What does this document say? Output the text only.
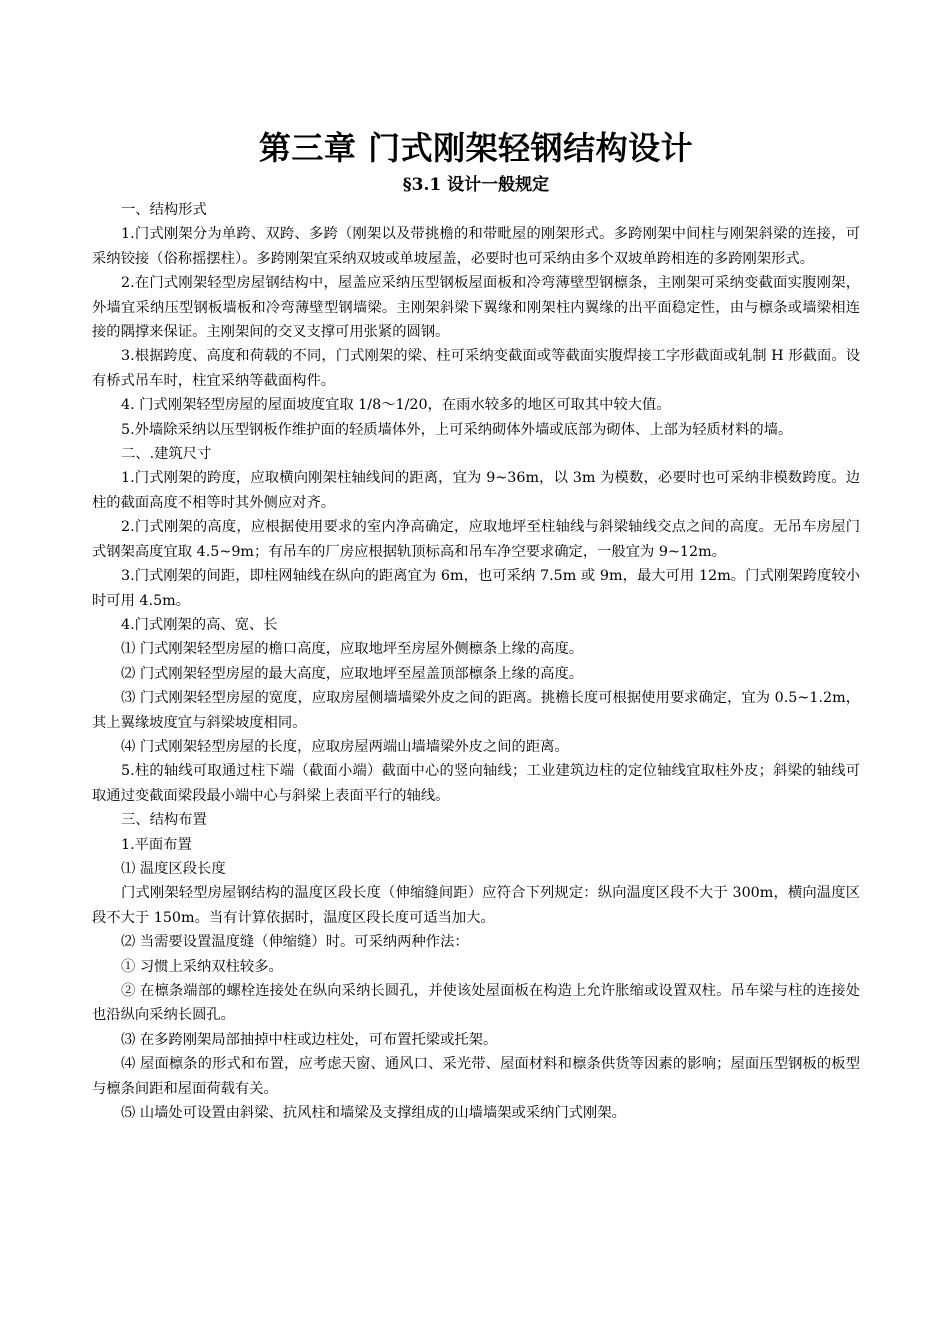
第三章 门式刚架轻钢结构设计
§3.1 设计一般规定

一、结构形式

1.门式刚架分为单跨、双跨、多跨（刚架以及带挑檐的和带毗屋的刚架形式。多跨刚架中间柱与刚架斜梁的连接，可采纳铰接（俗称摇摆柱）。多跨刚架宜采纳双坡或单坡屋盖，必要时也可采纳由多个双坡单跨相连的多跨刚架形式。

2.在门式刚架轻型房屋钢结构中，屋盖应采纳压型钢板屋面板和冷弯薄壁型钢檩条，主刚架可采纳变截面实腹刚架，外墙宜采纳压型钢板墙板和冷弯薄壁型钢墙梁。主刚架斜梁下翼缘和刚架柱内翼缘的出平面稳定性，由与檩条或墙梁相连接的隅撑来保证。主刚架间的交叉支撑可用张紧的圆钢。

3.根据跨度、高度和荷载的不同，门式刚架的梁、柱可采纳变截面或等截面实腹焊接工字形截面或轧制 H 形截面。设有桥式吊车时，柱宜采纳等截面构件。

4. 门式刚架轻型房屋的屋面坡度宜取 1/8～1/20，在雨水较多的地区可取其中较大值。

5.外墙除采纳以压型钢板作维护面的轻质墙体外，上可采纳砌体外墙或底部为砌体、上部为轻质材料的墙。

二、.建筑尺寸

1.门式刚架的跨度，应取横向刚架柱轴线间的距离，宜为 9~36m，以 3m 为模数，必要时也可采纳非模数跨度。边柱的截面高度不相等时其外侧应对齐。

2.门式刚架的高度，应根据使用要求的室内净高确定，应取地坪至柱轴线与斜梁轴线交点之间的高度。无吊车房屋门式钢架高度宜取 4.5~9m；有吊车的厂房应根据轨顶标高和吊车净空要求确定，一般宜为 9~12m。

3.门式刚架的间距，即柱网轴线在纵向的距离宜为 6m，也可采纳 7.5m 或 9m，最大可用 12m。门式刚架跨度较小时可用 4.5m。

4.门式刚架的高、宽、长

⑴ 门式刚架轻型房屋的檐口高度，应取地坪至房屋外侧檩条上缘的高度。

⑵ 门式刚架轻型房屋的最大高度，应取地坪至屋盖顶部檩条上缘的高度。

⑶ 门式刚架轻型房屋的宽度，应取房屋侧墙墙梁外皮之间的距离。挑檐长度可根据使用要求确定，宜为 0.5~1.2m，其上翼缘坡度宜与斜梁坡度相同。

⑷ 门式刚架轻型房屋的长度，应取房屋两端山墙墙梁外皮之间的距离。

5.柱的轴线可取通过柱下端（截面小端）截面中心的竖向轴线；工业建筑边柱的定位轴线宜取柱外皮；斜梁的轴线可取通过变截面梁段最小端中心与斜梁上表面平行的轴线。

三、结构布置

1.平面布置

⑴ 温度区段长度

门式刚架轻型房屋钢结构的温度区段长度（伸缩缝间距）应符合下列规定：纵向温度区段不大于 300m，横向温度区段不大于 150m。当有计算依据时，温度区段长度可适当加大。

⑵ 当需要设置温度缝（伸缩缝）时。可采纳两种作法：

① 习惯上采纳双柱较多。

② 在檩条端部的螺栓连接处在纵向采纳长圆孔，并使该处屋面板在构造上允许胀缩或设置双柱。吊车梁与柱的连接处也沿纵向采纳长圆孔。

⑶ 在多跨刚架局部抽掉中柱或边柱处，可布置托梁或托架。

⑷ 屋面檩条的形式和布置，应考虑天窗、通风口、采光带、屋面材料和檩条供货等因素的影响；屋面压型钢板的板型与檩条间距和屋面荷载有关。

⑸ 山墙处可设置由斜梁、抗风柱和墙梁及支撑组成的山墙墙架或采纳门式刚架。
